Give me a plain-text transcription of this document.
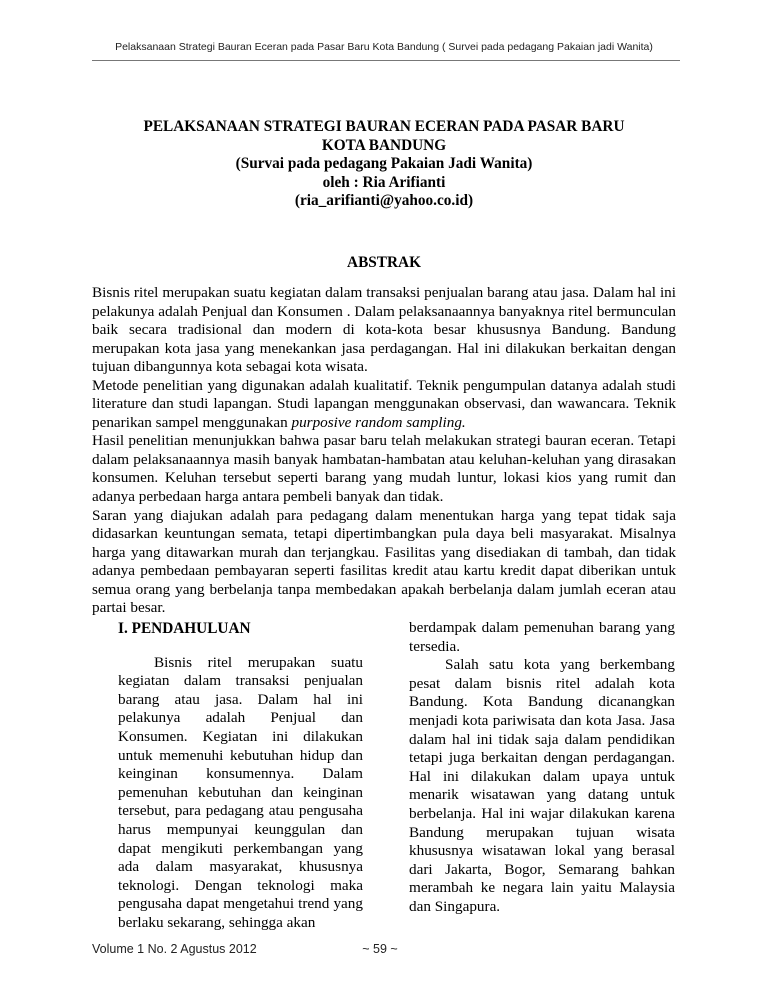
Pelaksanaan Strategi Bauran Eceran pada Pasar Baru Kota Bandung ( Survei pada pedagang Pakaian jadi Wanita)
PELAKSANAAN STRATEGI BAURAN ECERAN PADA PASAR BARU
KOTA BANDUNG
(Survai pada pedagang Pakaian Jadi Wanita)
oleh : Ria Arifianti
(ria_arifianti@yahoo.co.id)
ABSTRAK

Bisnis ritel merupakan suatu kegiatan dalam transaksi penjualan barang atau jasa. Dalam hal ini pelakunya adalah Penjual dan Konsumen . Dalam pelaksanaannya banyaknya ritel bermunculan baik secara tradisional dan modern di kota-kota besar khususnya Bandung. Bandung merupakan kota jasa yang menekankan jasa perdagangan. Hal ini dilakukan berkaitan dengan tujuan dibangunnya kota sebagai kota wisata.

Metode penelitian yang digunakan adalah kualitatif. Teknik pengumpulan datanya adalah studi literature dan studi lapangan. Studi lapangan menggunakan observasi, dan wawancara. Teknik penarikan sampel menggunakan purposive random sampling.

Hasil penelitian menunjukkan bahwa pasar baru telah melakukan strategi bauran eceran. Tetapi dalam pelaksanaannya masih banyak hambatan-hambatan atau keluhan-keluhan yang dirasakan konsumen. Keluhan tersebut seperti barang yang mudah luntur, lokasi kios yang rumit dan adanya perbedaan harga antara pembeli banyak dan tidak.

Saran yang diajukan adalah para pedagang dalam menentukan harga yang tepat tidak saja didasarkan keuntungan semata, tetapi dipertimbangkan pula daya beli masyarakat. Misalnya harga yang ditawarkan murah dan terjangkau. Fasilitas yang disediakan di tambah, dan tidak adanya pembedaan pembayaran seperti fasilitas kredit atau kartu kredit dapat diberikan untuk semua orang yang berbelanja tanpa membedakan apakah berbelanja dalam jumlah eceran atau partai besar.

I. PENDAHULUAN

Bisnis ritel merupakan suatu kegiatan dalam transaksi penjualan barang atau jasa. Dalam hal ini pelakunya adalah Penjual dan Konsumen. Kegiatan ini dilakukan untuk memenuhi kebutuhan hidup dan keinginan konsumennya. Dalam pemenuhan kebutuhan dan keinginan tersebut, para pedagang atau pengusaha harus mempunyai keunggulan dan dapat mengikuti perkembangan yang ada dalam masyarakat, khususnya teknologi. Dengan teknologi maka pengusaha dapat mengetahui trend yang berlaku sekarang, sehingga akan

berdampak dalam pemenuhan barang yang tersedia.

Salah satu kota yang berkembang pesat dalam bisnis ritel adalah kota Bandung. Kota Bandung dicanangkan menjadi kota pariwisata dan kota Jasa. Jasa dalam hal ini tidak saja dalam pendidikan tetapi juga berkaitan dengan perdagangan. Hal ini dilakukan dalam upaya untuk menarik wisatawan yang datang untuk berbelanja. Hal ini wajar dilakukan karena Bandung merupakan tujuan wisata khususnya wisatawan lokal yang berasal dari Jakarta, Bogor, Semarang bahkan merambah ke negara lain yaitu Malaysia dan Singapura.

Volume 1 No. 2 Agustus 2012	~ 59 ~
